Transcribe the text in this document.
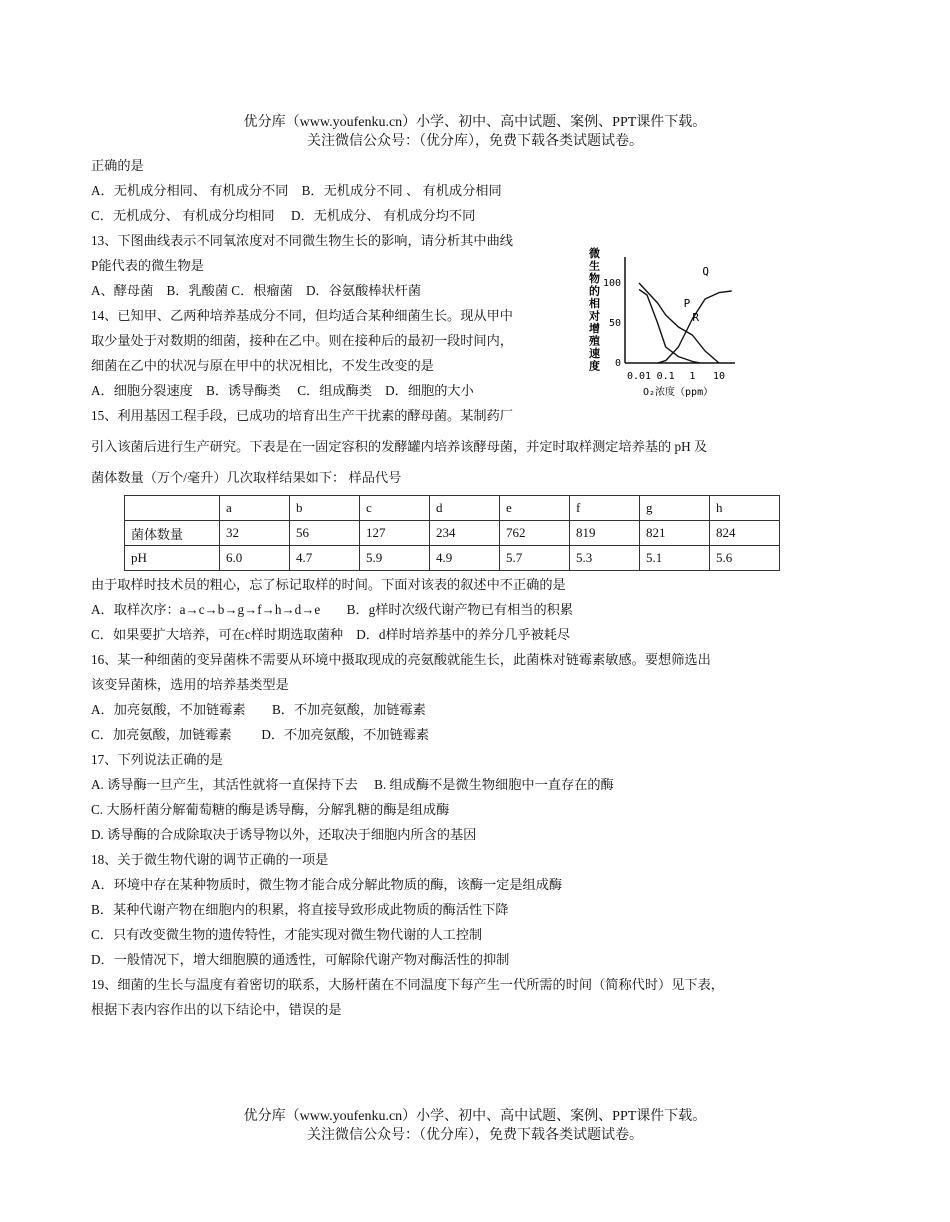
优分库（www.youfenku.cn）小学、初中、高中试题、案例、PPT课件下载。
关注微信公众号：（优分库），免费下载各类试题试卷。
正确的是
A．无机成分相同、 有机成分不同　B．无机成分不同 、 有机成分相同
C．无机成分、 有机成分均相同　 D．无机成分、 有机成分均不同
13、下图曲线表示不同氧浓度对不同微生物生长的影响，请分析其中曲线
P能代表的微生物是
A、酵母菌　B．乳酸菌 C．根瘤菌　D．谷氨酸棒状杆菌
14、已知甲、乙两种培养基成分不同，但均适合某种细菌生长。现从甲中
取少量处于对数期的细菌，接种在乙中。则在接种后的最初一段时间内，
细菌在乙中的状况与原在甲中的状况相比，不发生改变的是
A．细胞分裂速度　B．诱导酶类　 C．组成酶类　D．细胞的大小
15、利用基因工程手段，已成功的培育出生产干扰素的酵母菌。某制药厂
引入该菌后进行生产研究。下表是在一固定容积的发酵罐内培养该酵母菌，并定时取样测定培养基的 pH 及
菌体数量（万个/毫升）几次取样结果如下： 样品代号
	a	b	c	d	e	f	g	h
菌体数量	32	56	127	234	762	819	821	824
pH	6.0	4.7	5.9	4.9	5.7	5.3	5.1	5.6
由于取样时技术员的粗心，忘了标记取样的时间。下面对该表的叙述中不正确的是
A．取样次序：a→c→b→g→f→h→d→e　　B．g样时次级代谢产物已有相当的积累
C．如果要扩大培养，可在c样时期选取菌种　D．d样时培养基中的养分几乎被耗尽
16、某一种细菌的变异菌株不需要从环境中摄取现成的亮氨酸就能生长，此菌株对链霉素敏感。要想筛选出
该变异菌株，选用的培养基类型是
A．加亮氨酸，不加链霉素　　B．不加亮氨酸，加链霉素
C．加亮氨酸，加链霉素　　 D．不加亮氨酸，不加链霉素
17、下列说法正确的是
A. 诱导酶一旦产生，其活性就将一直保持下去　 B. 组成酶不是微生物细胞中一直存在的酶
C. 大肠杆菌分解葡萄糖的酶是诱导酶，分解乳糖的酶是组成酶
D. 诱导酶的合成除取决于诱导物以外，还取决于细胞内所含的基因
18、关于微生物代谢的调节正确的一项是
A．环境中存在某种物质时，微生物才能合成分解此物质的酶，该酶一定是组成酶
B．某种代谢产物在细胞内的积累，将直接导致形成此物质的酶活性下降
C．只有改变微生物的遗传特性，才能实现对微生物代谢的人工控制
D．一般情况下，增大细胞膜的通透性，可解除代谢产物对酶活性的抑制
19、细菌的生长与温度有着密切的联系，大肠杆菌在不同温度下每产生一代所需的时间（简称代时）见下表，
根据下表内容作出的以下结论中，错误的是
微
生
物
的
相
对
增
殖
速
度
100
50
0
0.01 0.1 1 10
P
Q
R
O₂浓度（ppm）
优分库（www.youfenku.cn）小学、初中、高中试题、案例、PPT课件下载。
关注微信公众号：（优分库），免费下载各类试题试卷。
